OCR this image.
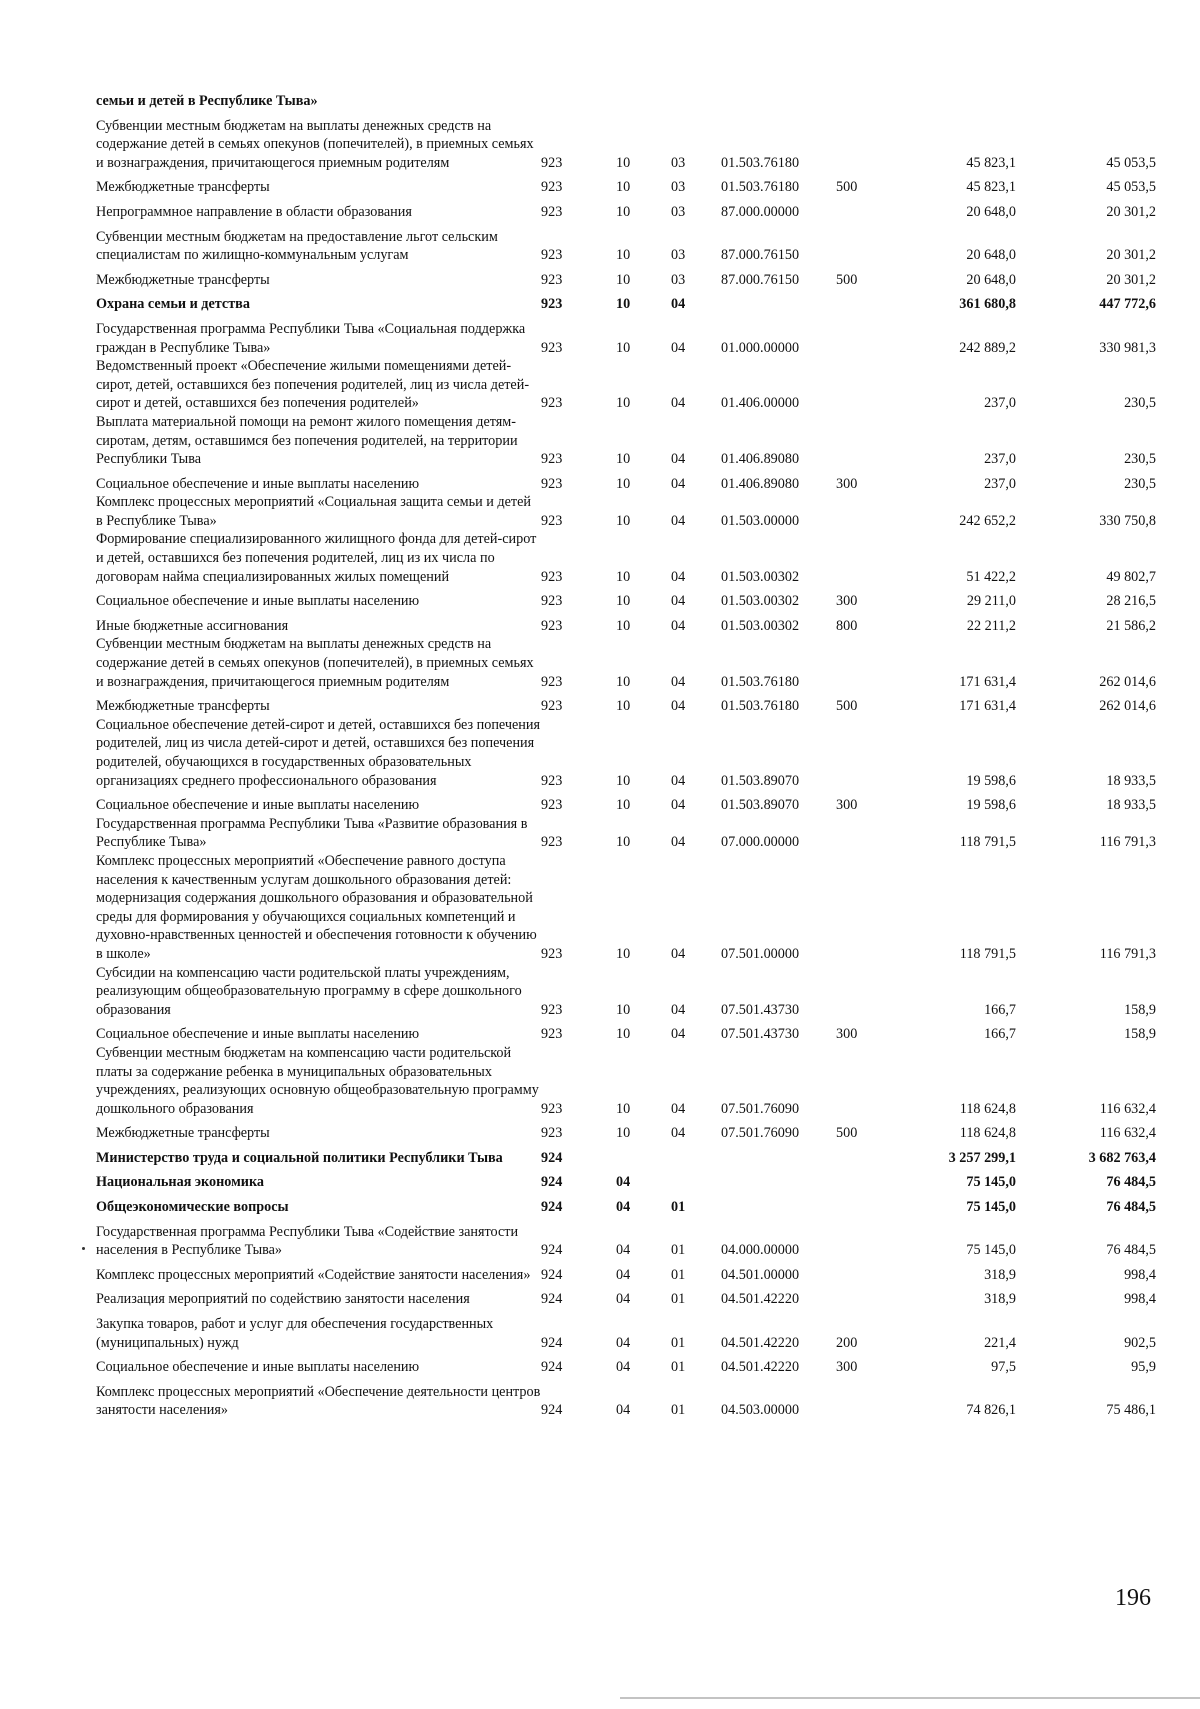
семьи и детей в Республике Тыва»							
Субвенции местным бюджетам на выплаты денежных средств на содержание детей в семьях опекунов (попечителей), в приемных семьях и вознаграждения, причитающегося приемным родителям	923	10	03	01.503.76180		45 823,1	45 053,5
Межбюджетные трансферты	923	10	03	01.503.76180	500	45 823,1	45 053,5
Непрограммное направление в области образования	923	10	03	87.000.00000		20 648,0	20 301,2
Субвенции местным бюджетам на предоставление льгот сельским специалистам по жилищно-коммунальным услугам	923	10	03	87.000.76150		20 648,0	20 301,2
Межбюджетные трансферты	923	10	03	87.000.76150	500	20 648,0	20 301,2
Охрана семьи и детства	923	10	04			361 680,8	447 772,6
Государственная программа Республики Тыва «Социальная поддержка граждан в Республике Тыва»	923	10	04	01.000.00000		242 889,2	330 981,3
Ведомственный проект «Обеспечение жилыми помещениями детей-сирот, детей, оставшихся без попечения родителей, лиц из числа детей-сирот и детей, оставшихся без попечения родителей»	923	10	04	01.406.00000		237,0	230,5
Выплата материальной помощи на ремонт жилого помещения детям-сиротам, детям, оставшимся без попечения родителей, на территории Республики Тыва	923	10	04	01.406.89080		237,0	230,5
Социальное обеспечение и иные выплаты населению	923	10	04	01.406.89080	300	237,0	230,5
Комплекс процессных мероприятий «Социальная защита семьи и детей в Республике Тыва»	923	10	04	01.503.00000		242 652,2	330 750,8
Формирование специализированного жилищного фонда для детей-сирот и детей, оставшихся без попечения родителей, лиц из их числа по договорам найма специализированных жилых помещений	923	10	04	01.503.00302		51 422,2	49 802,7
Социальное обеспечение и иные выплаты населению	923	10	04	01.503.00302	300	29 211,0	28 216,5
Иные бюджетные ассигнования	923	10	04	01.503.00302	800	22 211,2	21 586,2
Субвенции местным бюджетам на выплаты денежных средств на содержание детей в семьях опекунов (попечителей), в приемных семьях и вознаграждения, причитающегося приемным родителям	923	10	04	01.503.76180		171 631,4	262 014,6
Межбюджетные трансферты	923	10	04	01.503.76180	500	171 631,4	262 014,6
Социальное обеспечение детей-сирот и детей, оставшихся без попечения родителей, лиц из числа детей-сирот и детей, оставшихся без попечения родителей, обучающихся в государственных образовательных организациях среднего профессионального образования	923	10	04	01.503.89070		19 598,6	18 933,5
Социальное обеспечение и иные выплаты населению	923	10	04	01.503.89070	300	19 598,6	18 933,5
Государственная программа Республики Тыва «Развитие образования в Республике Тыва»	923	10	04	07.000.00000		118 791,5	116 791,3
Комплекс процессных мероприятий «Обеспечение равного доступа населения к качественным услугам дошкольного образования детей: модернизация содержания дошкольного образования и образовательной среды для формирования у обучающихся социальных компетенций и духовно-нравственных ценностей и обеспечения готовности к обучению в школе»	923	10	04	07.501.00000		118 791,5	116 791,3
Субсидии на компенсацию части родительской платы учреждениям, реализующим общеобразовательную программу в сфере дошкольного образования	923	10	04	07.501.43730		166,7	158,9
Социальное обеспечение и иные выплаты населению	923	10	04	07.501.43730	300	166,7	158,9
Субвенции местным бюджетам на компенсацию части родительской платы за содержание ребенка в муниципальных образовательных учреждениях, реализующих основную общеобразовательную программу дошкольного образования	923	10	04	07.501.76090		118 624,8	116 632,4
Межбюджетные трансферты	923	10	04	07.501.76090	500	118 624,8	116 632,4
Министерство труда и социальной политики Республики Тыва	924					3 257 299,1	3 682 763,4
Национальная экономика	924	04				75 145,0	76 484,5
Общеэкономические вопросы	924	04	01			75 145,0	76 484,5
Государственная программа Республики Тыва «Содействие занятости населения в Республике Тыва»	924	04	01	04.000.00000		75 145,0	76 484,5
Комплекс процессных мероприятий «Содействие занятости населения»	924	04	01	04.501.00000		318,9	998,4
Реализация мероприятий по содействию занятости населения	924	04	01	04.501.42220		318,9	998,4
Закупка товаров, работ и услуг для обеспечения государственных (муниципальных) нужд	924	04	01	04.501.42220	200	221,4	902,5
Социальное обеспечение и иные выплаты населению	924	04	01	04.501.42220	300	97,5	95,9
Комплекс процессных мероприятий «Обеспечение деятельности центров занятости населения»	924	04	01	04.503.00000		74 826,1	75 486,1
196
